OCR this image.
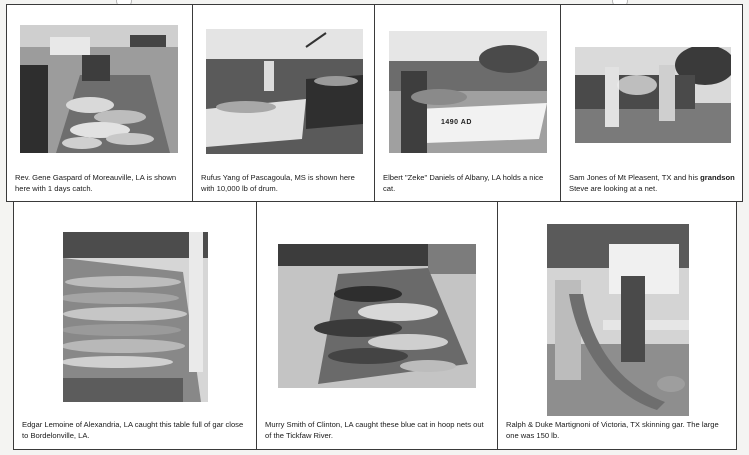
Rev. Gene Gaspard of Moreauville, LA is shown here with 1 days catch.
Rufus Yang of Pascagoula, MS is shown here with 10,000 lb of drum.
1490 AD
Elbert "Zeke" Daniels of Albany, LA holds a nice cat.
Sam Jones of Mt Pleasent, TX and his grandson Steve are looking at a net.
Edgar Lemoine of Alexandria, LA caught this table full of gar close to Bordelonville, LA.
Murry Smith of Clinton, LA caught these blue cat in hoop nets out of the Tickfaw River.
Ralph & Duke Martignoni of Victoria, TX skinning gar. The large one was 150 lb.
